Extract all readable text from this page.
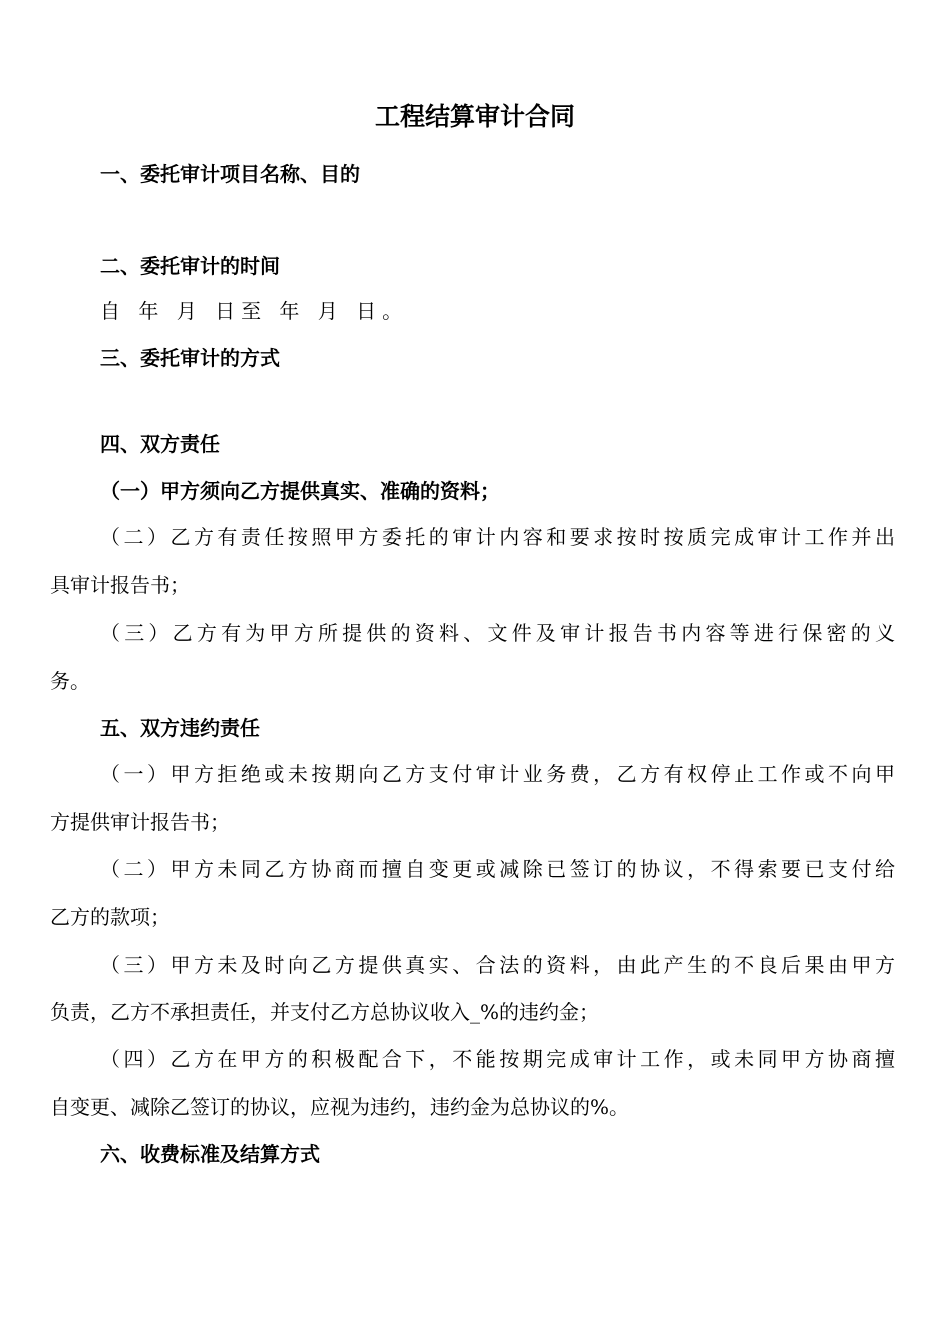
工程结算审计合同
一、委托审计项目名称、目的
二、委托审计的时间
自 年 月 日至 年 月 日。
三、委托审计的方式
四、双方责任
（一）甲方须向乙方提供真实、准确的资料；
（二）乙方有责任按照甲方委托的审计内容和要求按时按质完成审计工作并出
具审计报告书；
（三）乙方有为甲方所提供的资料、文件及审计报告书内容等进行保密的义
务。
五、双方违约责任
（一）甲方拒绝或未按期向乙方支付审计业务费，乙方有权停止工作或不向甲
方提供审计报告书；
（二）甲方未同乙方协商而擅自变更或减除已签订的协议，不得索要已支付给
乙方的款项；
（三）甲方未及时向乙方提供真实、合法的资料，由此产生的不良后果由甲方
负责，乙方不承担责任，并支付乙方总协议收入_%的违约金；
（四）乙方在甲方的积极配合下，不能按期完成审计工作，或未同甲方协商擅
自变更、减除乙签订的协议，应视为违约，违约金为总协议的%。
六、收费标准及结算方式
